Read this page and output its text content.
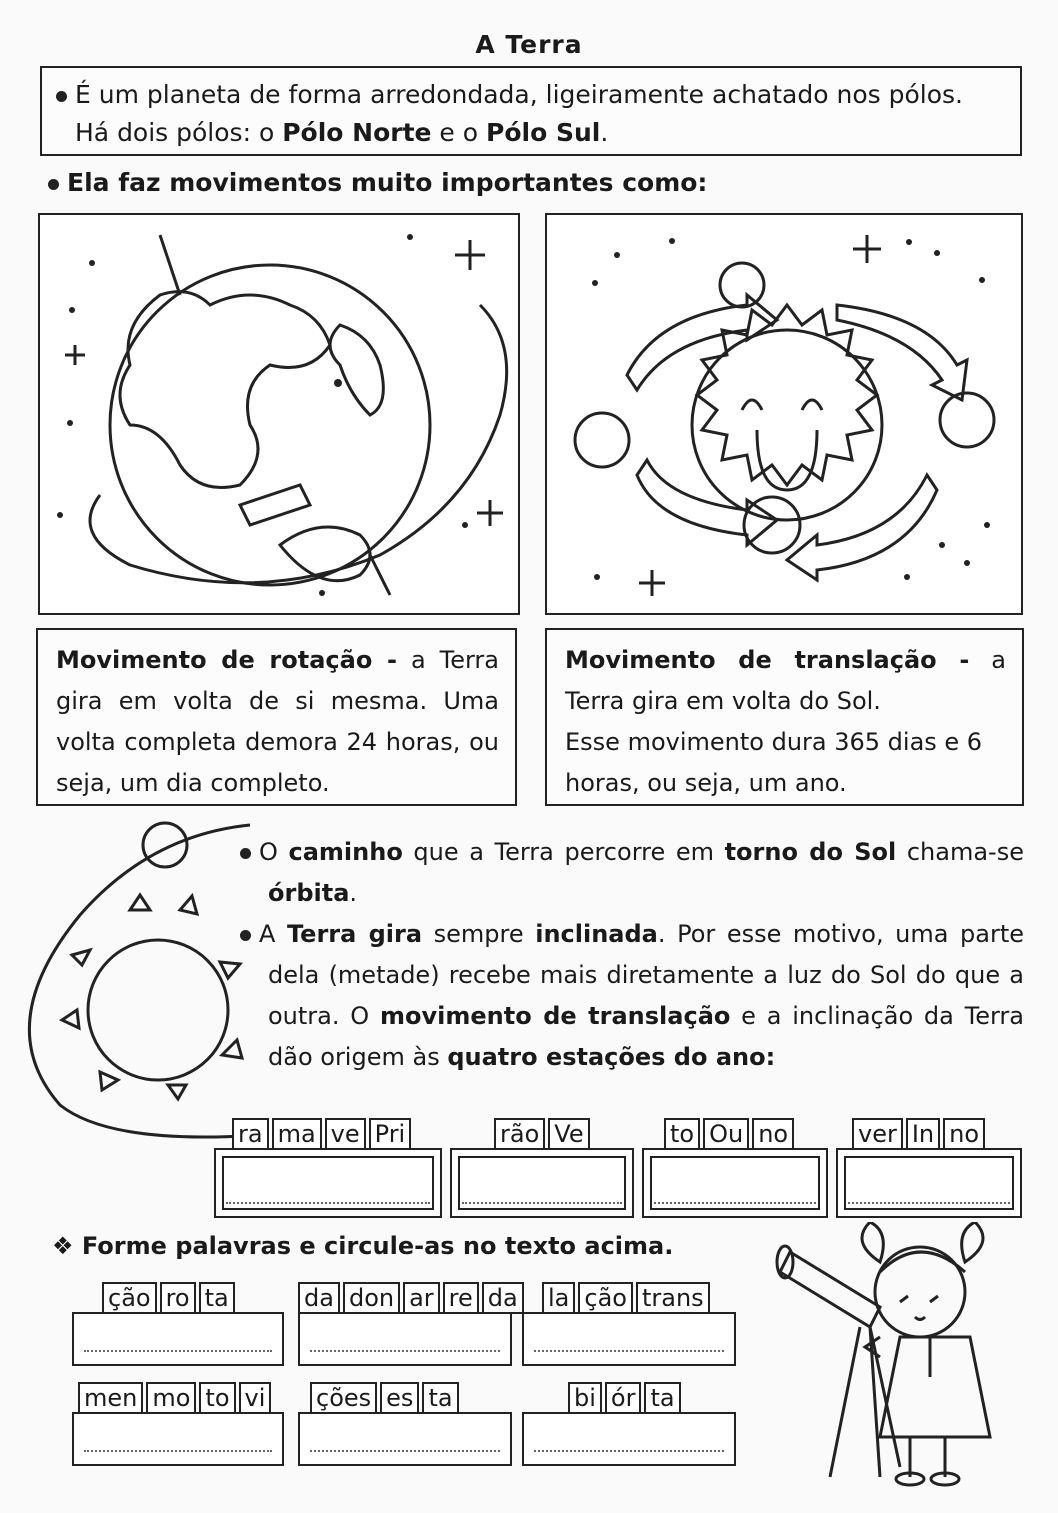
A Terra
É um planeta de forma arredondada, ligeiramente achatado nos pólos.
Há dois pólos: o Pólo Norte e o Pólo Sul.
Ela faz movimentos muito importantes como:
Movimento de rotação - a Terra gira em volta de si mesma. Uma volta completa demora 24 horas, ou seja, um dia completo.
Movimento de translação - a Terra gira em volta do Sol.
Esse movimento dura 365 dias e 6 horas, ou seja, um ano.

O caminho que a Terra percorre em torno do Sol chama-se órbita.

A Terra gira sempre inclinada. Por esse motivo, uma parte dela (metade) recebe mais diretamente a luz do Sol do que a outra. O movimento de translação e a inclinação da Terra dão origem às quatro estações do ano:

ra ma ve Pri	rão Ve	to Ou no	ver In no
❖ Forme palavras e circule-as no texto acima.
ção ro ta	da don ar re da la ção trans
men mo to vi ções es ta	bi ór ta
